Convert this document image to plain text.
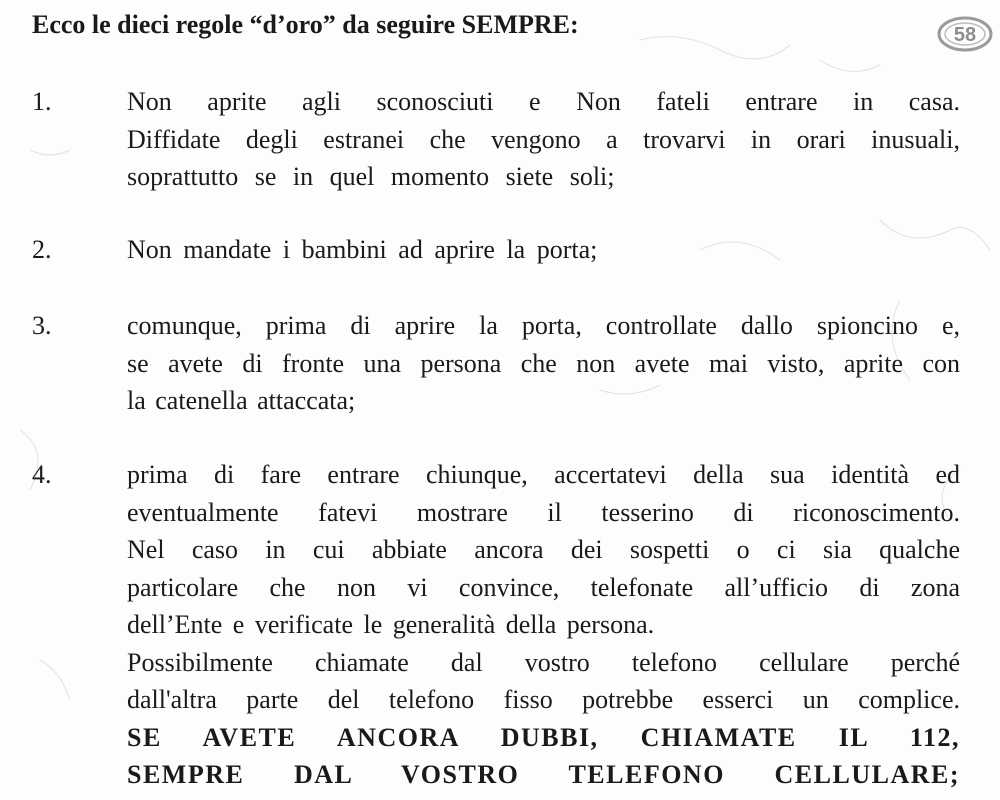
Ecco le dieci regole “d’oro” da seguire SEMPRE:	58
1.	Non aprite agli sconosciuti e Non fateli entrare in casa.
Diffidate degli estranei che vengono a trovarvi in orari inusuali,
soprattutto se in quel momento siete soli;
2.	Non mandate i bambini ad aprire la porta;
3.	comunque, prima di aprire la porta, controllate dallo spioncino e,
se avete di fronte una persona che non avete mai visto, aprite con
la catenella attaccata;
4.	prima di fare entrare chiunque, accertatevi della sua identità ed
eventualmente fatevi mostrare il tesserino di riconoscimento.
Nel caso in cui abbiate ancora dei sospetti o ci sia qualche
particolare che non vi convince, telefonate all’ufficio di zona
dell’Ente e verificate le generalità della persona.
Possibilmente chiamate dal vostro telefono cellulare perché
dall'altra parte del telefono fisso potrebbe esserci un complice.
SE AVETE ANCORA DUBBI, CHIAMATE IL 112,
SEMPRE DAL VOSTRO TELEFONO CELLULARE;
